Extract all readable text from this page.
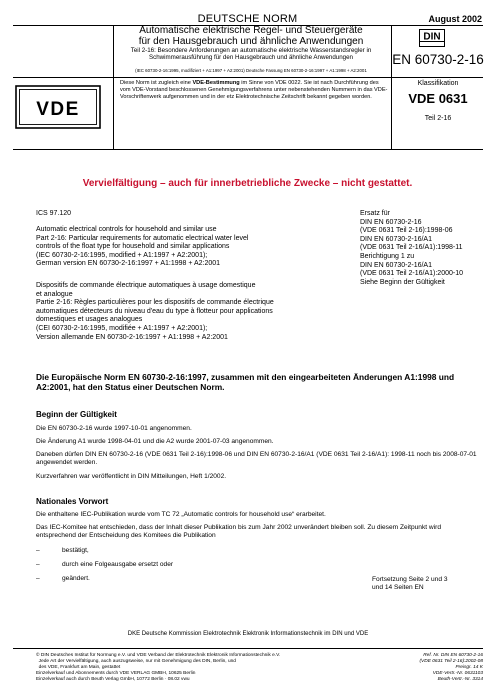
DEUTSCHE NORM	August 2002
Automatische elektrische Regel- und Steuergeräte
für den Hausgebrauch und ähnliche Anwendungen
Teil 2-16: Besondere Anforderungen an automatische elektrische Wasserstandsregler in
Schwimmerausführung für den Hausgebrauch und ähnliche Anwendungen
(IEC 60730-2-16:1995, modifiziert + A1:1997 + A2:2001) Deutsche Fassung EN 60730-2-16:1997 + A1:1998 + A2:2001
DIN
EN 60730-2-16
VDE
Diese Norm ist zugleich eine VDE-Bestimmung im Sinne von VDE 0022. Sie ist nach Durchführung des vom VDE-Vorstand beschlossenen Genehmigungsverfahrens unter nebenstehenden Nummern in das VDE-Vorschriftenwerk aufgenommen und in der etz Elektrotechnische Zeitschrift bekannt gegeben worden.
Klassifikation
VDE 0631
Teil 2-16
Vervielfältigung – auch für innerbetriebliche Zwecke – nicht gestattet.
ICS 97.120
Automatic electrical controls for household and similar use
Part 2-16: Particular requirements for automatic electrical water level
controls of the float type for household and similar applications
(IEC 60730-2-16:1995, modified + A1:1997 + A2:2001);
German version EN 60730-2-16:1997 + A1:1998 + A2:2001
Dispositifs de commande électrique automatiques à usage domestique
et analogue
Partie 2-16: Règles particulières pour les dispositifs de commande électrique
automatiques détecteurs du niveau d'eau du type à flotteur pour applications
domestiques et usages analogues
(CEI 60730-2-16:1995, modifiée + A1:1997 + A2:2001);
Version allemande EN 60730-2-16:1997 + A1:1998 + A2:2001
Ersatz für
DIN EN 60730-2-16
(VDE 0631 Teil 2-16):1998-06
DIN EN 60730-2-16/A1
(VDE 0631 Teil 2-16/A1):1998-11
Berichtigung 1 zu
DIN EN 60730-2-16/A1
(VDE 0631 Teil 2-16/A1):2000-10
Siehe Beginn der Gültigkeit
Die Europäische Norm EN 60730-2-16:1997, zusammen mit den eingearbeiteten Änderungen A1:1998 und A2:2001, hat den Status einer Deutschen Norm.
Beginn der Gültigkeit
Die EN 60730-2-16 wurde 1997-10-01 angenommen.
Die Änderung A1 wurde 1998-04-01 und die A2 wurde 2001-07-03 angenommen.
Daneben dürfen DIN EN 60730-2-16 (VDE 0631 Teil 2-16):1998-06 und DIN EN 60730-2-16/A1 (VDE 0631 Teil 2-16/A1): 1998-11 noch bis 2008-07-01 angewendet werden.
Kurzverfahren war veröffentlicht in DIN Mitteilungen, Heft 1/2002.
Nationales Vorwort
Die enthaltene IEC-Publikation wurde vom TC 72 „Automatic controls for household use“ erarbeitet.
Das IEC-Komitee hat entschieden, dass der Inhalt dieser Publikation bis zum Jahr 2002 unverändert bleiben soll. Zu diesem Zeitpunkt wird entsprechend der Entscheidung des Komitees die Publikation
–	bestätigt,
–	durch eine Folgeausgabe ersetzt oder
–	geändert.	Fortsetzung Seite 2 und 3
und 14 Seiten EN
DKE Deutsche Kommission Elektrotechnik Elektronik Informationstechnik im DIN und VDE
© DIN Deutsches Institut für Normung e.V. und VDE Verband der Elektrotechnik Elektronik Informationstechnik e.V.
Jede Art der Vervielfältigung, auch auszugsweise, nur mit Genehmigung des DIN, Berlin, und
des VDE, Frankfurt am Main, gestattet
Einzelverkauf und Abonnements durch VDE VERLAG GMBH, 10625 Berlin
Einzelverkauf auch durch Beuth Verlag GmbH, 10772 Berlin · 08.02 vwu
Ref. Nr. DIN EN 60730-2-16
(VDE 0631 Teil 2-16):2002-08
Preisgr. 14 K
VDE-Vertr.-Nr. 0631103
Beuth-Vertr.-Nr. 3314
